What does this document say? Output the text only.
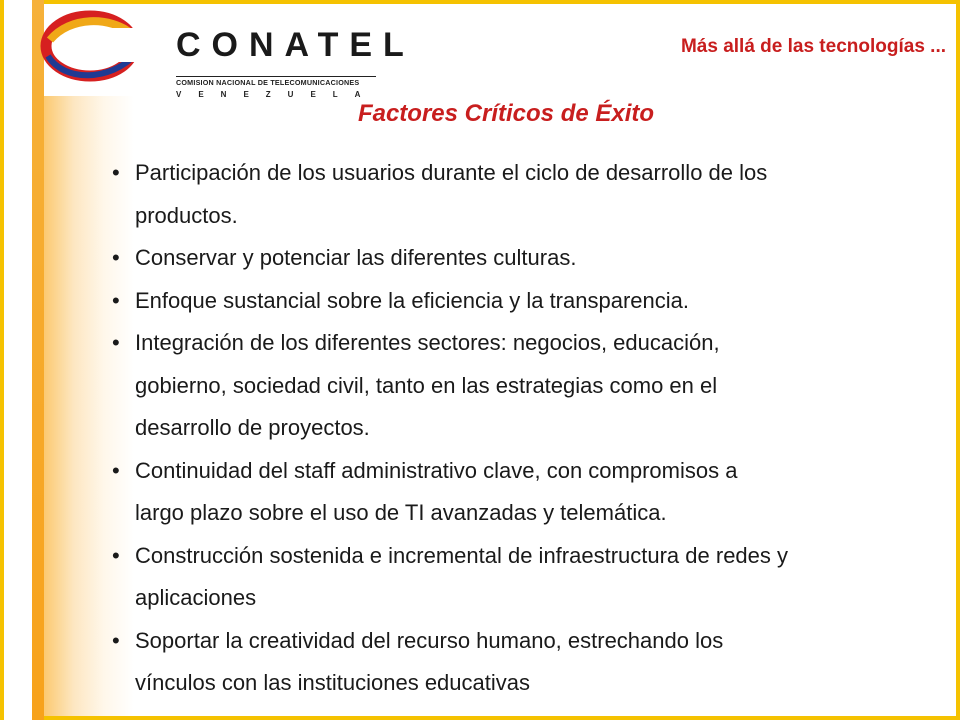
CONATEL
COMISION NACIONAL DE TELECOMUNICACIONES
VENEZUELA
Más allá de las tecnologías ...
Factores Críticos de Éxito
• Participación de los usuarios durante el ciclo de desarrollo de los
productos.
• Conservar y potenciar las diferentes culturas.
• Enfoque sustancial sobre la eficiencia y la transparencia.
• Integración de los diferentes sectores: negocios, educación,
gobierno, sociedad civil, tanto en las estrategias como en el
desarrollo de proyectos.
• Continuidad del staff administrativo clave, con compromisos a
largo plazo sobre el uso de TI avanzadas y telemática.
• Construcción sostenida e incremental de infraestructura de redes y
aplicaciones
• Soportar la creatividad del recurso humano, estrechando los
vínculos con las instituciones educativas
